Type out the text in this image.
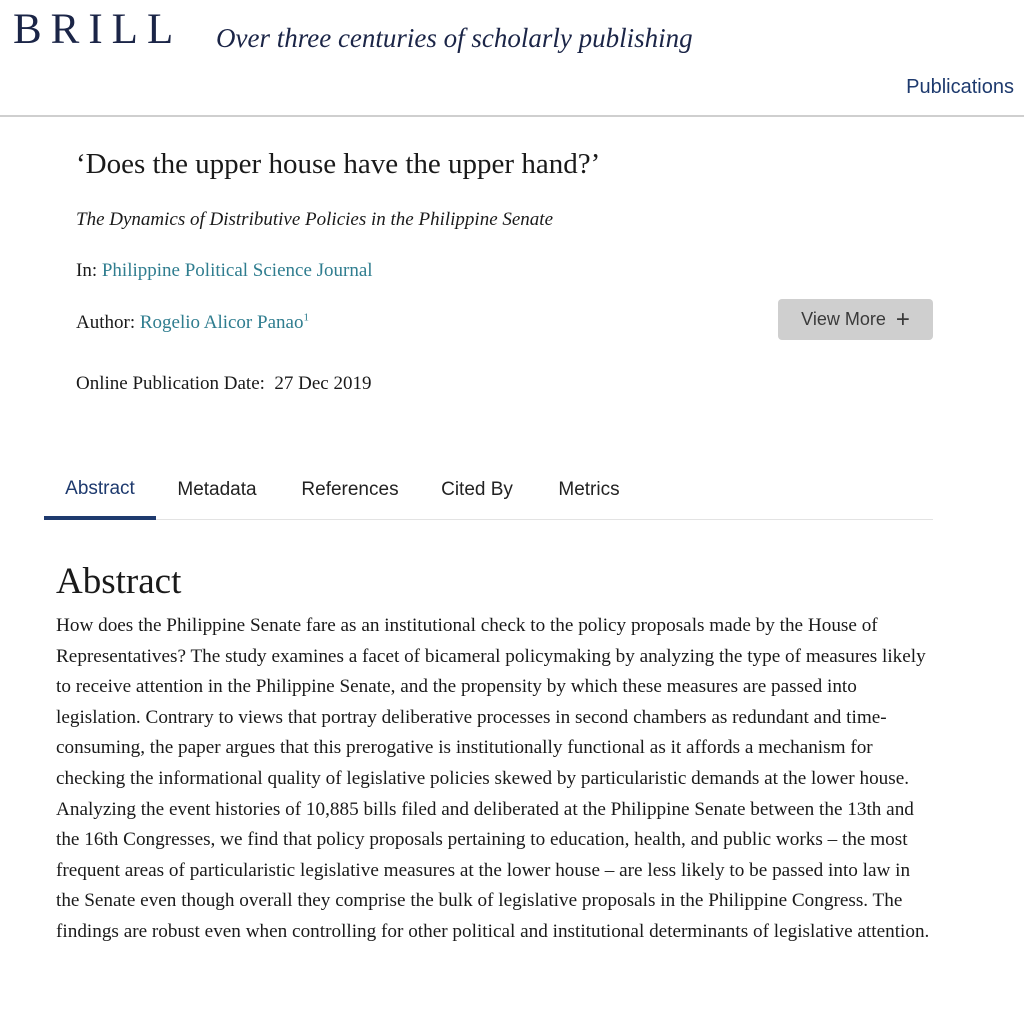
BRILL Over three centuries of scholarly publishing
Publications
‘Does the upper house have the upper hand?’
The Dynamics of Distributive Policies in the Philippine Senate
In: Philippine Political Science Journal
Author: Rogelio Alicor Panao$^1$
Online Publication Date: 27 Dec 2019
View More +
Abstract	Metadata	References	Cited By	Metrics
Abstract

How does the Philippine Senate fare as an institutional check to the policy proposals made by the House of Representatives? The study examines a facet of bicameral policymaking by analyzing the type of measures likely to receive attention in the Philippine Senate, and the propensity by which these measures are passed into legislation. Contrary to views that portray deliberative processes in second chambers as redundant and time-consuming, the paper argues that this prerogative is institutionally functional as it affords a mechanism for checking the informational quality of legislative policies skewed by particularistic demands at the lower house. Analyzing the event histories of 10,885 bills filed and deliberated at the Philippine Senate between the 13th and the 16th Congresses, we find that policy proposals pertaining to education, health, and public works – the most frequent areas of particularistic legislative measures at the lower house – are less likely to be passed into law in the Senate even though overall they comprise the bulk of legislative proposals in the Philippine Congress. The findings are robust even when controlling for other political and institutional determinants of legislative attention.
